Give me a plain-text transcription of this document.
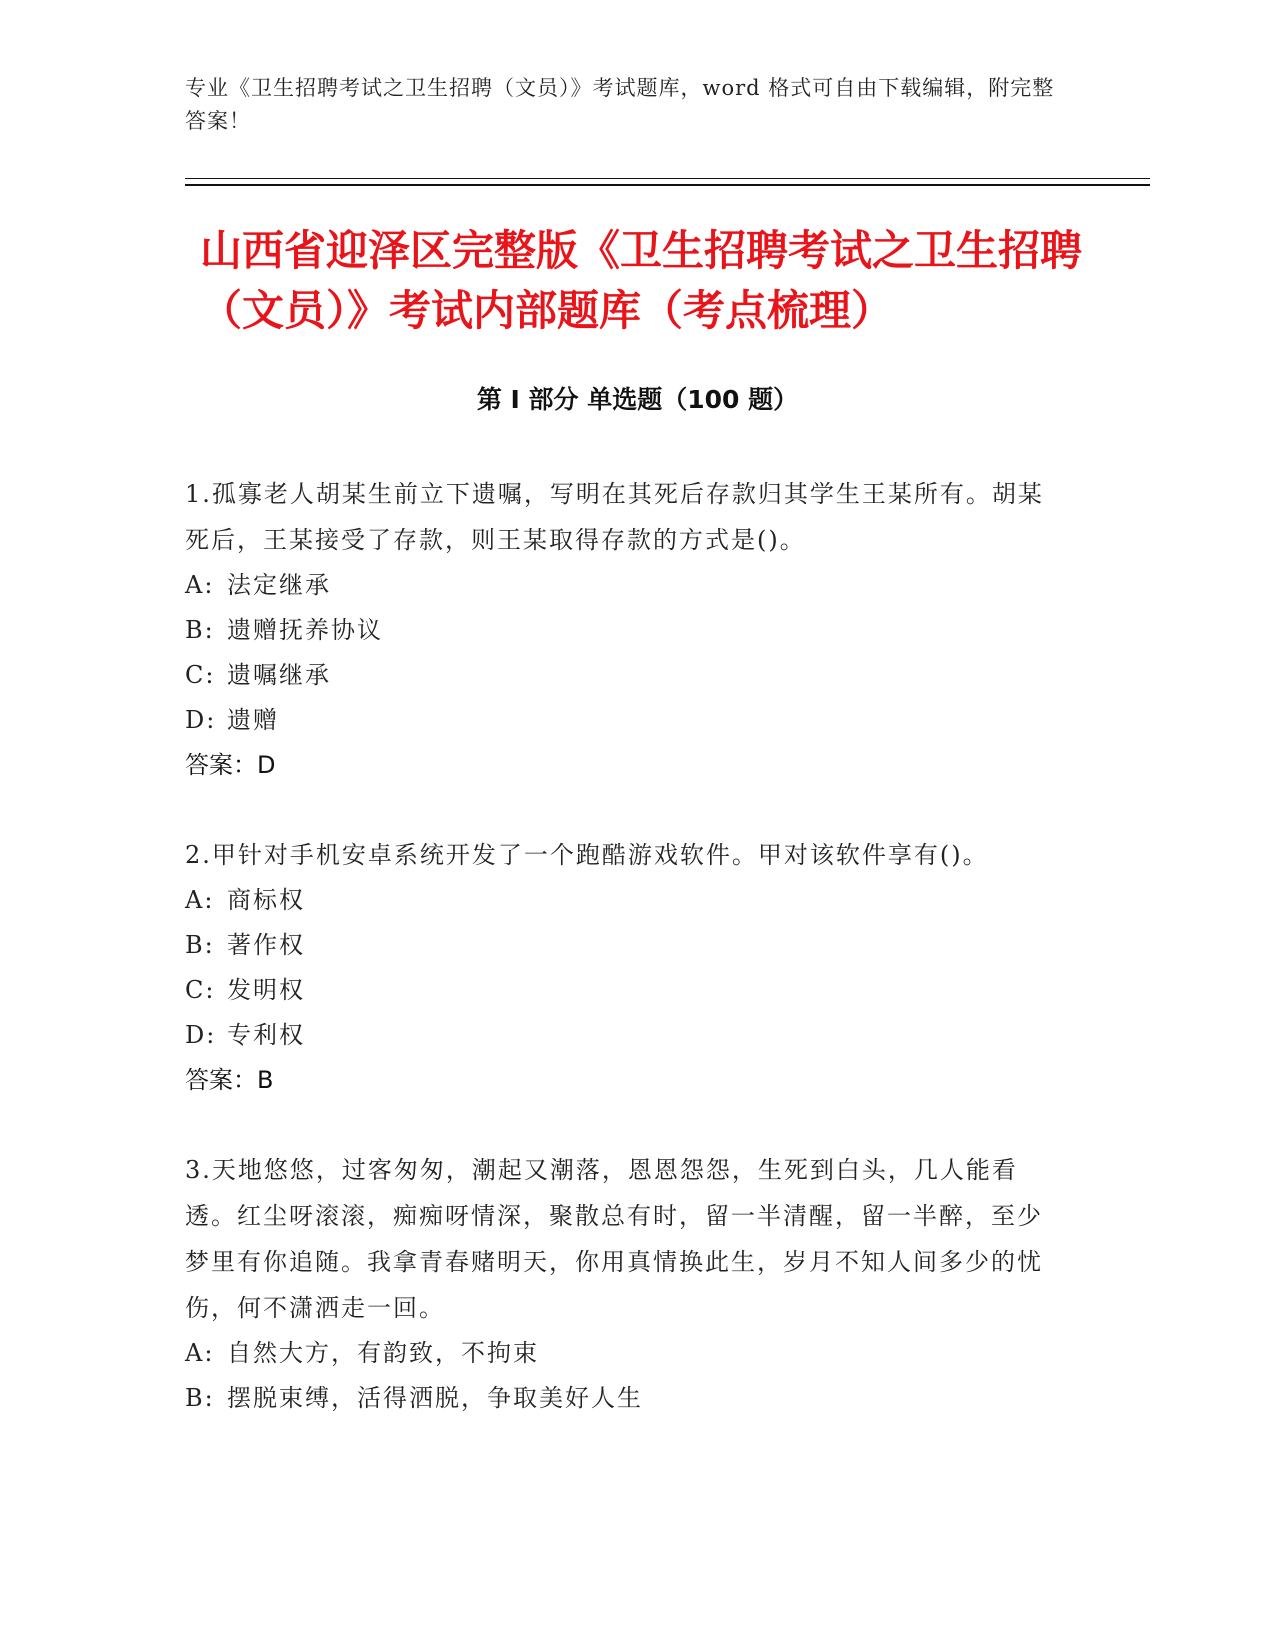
专业《卫生招聘考试之卫生招聘（文员）》考试题库，word 格式可自由下载编辑，附完整答案！
山西省迎泽区完整版《卫生招聘考试之卫生招聘（文员）》考试内部题库（考点梳理）
第 I 部分 单选题（100 题）

1.孤寡老人胡某生前立下遗嘱，写明在其死后存款归其学生王某所有。胡某死后，王某接受了存款，则王某取得存款的方式是()。

A: 法定继承
B: 遗赠抚养协议
C: 遗嘱继承
D: 遗赠

答案：D

2.甲针对手机安卓系统开发了一个跑酷游戏软件。甲对该软件享有()。

A: 商标权
B: 著作权
C: 发明权
D: 专利权

答案：B

3.天地悠悠，过客匆匆，潮起又潮落，恩恩怨怨，生死到白头，几人能看透。红尘呀滚滚，痴痴呀情深，聚散总有时，留一半清醒，留一半醉，至少梦里有你追随。我拿青春赌明天，你用真情换此生，岁月不知人间多少的忧伤，何不潇洒走一回。

A: 自然大方，有韵致，不拘束
B: 摆脱束缚，活得洒脱，争取美好人生
